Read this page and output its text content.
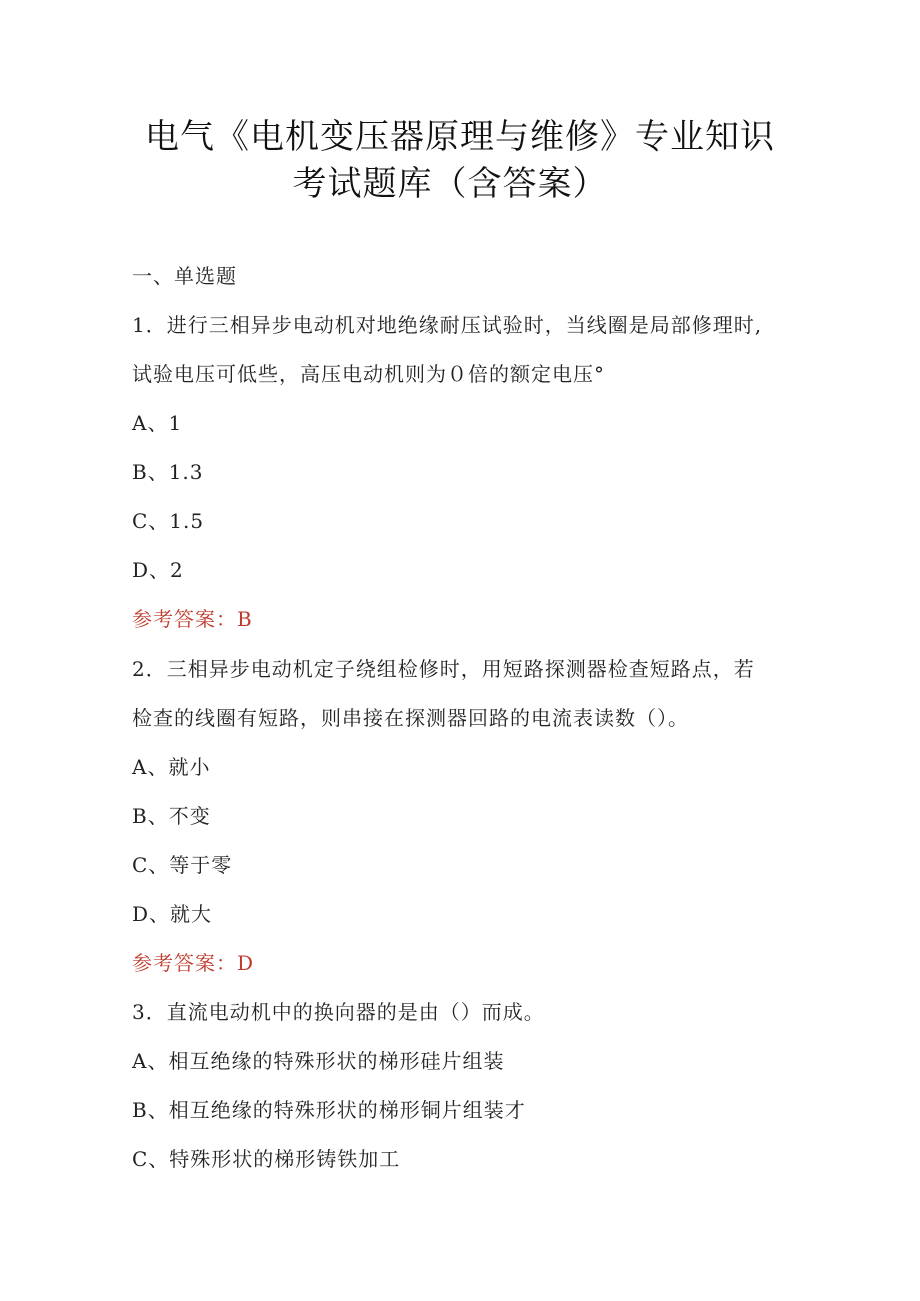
电气《电机变压器原理与维修》专业知识
考试题库（含答案）
一、单选题
1．进行三相异步电动机对地绝缘耐压试验时，当线圈是局部修理时,
试验电压可低些，高压电动机则为０倍的额定电压°
A、1
B、1.3
C、1.5
D、2
参考答案：B
2．三相异步电动机定子绕组检修时，用短路探测器检查短路点，若
检查的线圈有短路，则串接在探测器回路的电流表读数（）。
A、就小
B、不变
C、等于零
D、就大
参考答案：D
3．直流电动机中的换向器的是由（）而成。
A、相互绝缘的特殊形状的梯形硅片组装
B、相互绝缘的特殊形状的梯形铜片组装才
C、特殊形状的梯形铸铁加工
